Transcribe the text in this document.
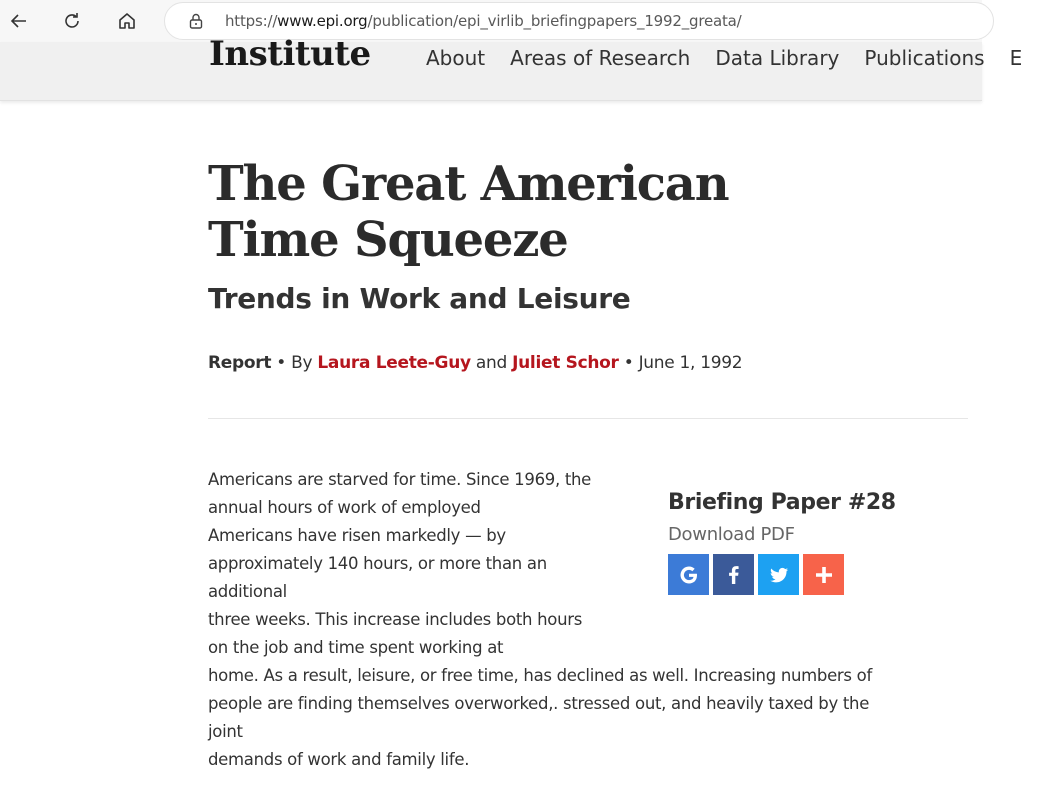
https://www.epi.org/publication/epi_virlib_briefingpapers_1992_greata/
Institute	About Areas of Research Data Library Publications E
The Great American Time Squeeze
Trends in Work and Leisure
Report • By Laura Leete-Guy and Juliet Schor • June 1, 1992
Americans are starved for time. Since 1969, the
annual hours of work of employed
Americans have risen markedly — by
approximately 140 hours, or more than an
additional
three weeks. This increase includes both hours
on the job and time spent working at
home. As a result, leisure, or free time, has declined as well. Increasing numbers of
people are finding themselves overworked,. stressed out, and heavily taxed by the
joint
demands of work and family life.
Briefing Paper #28
Download PDF
